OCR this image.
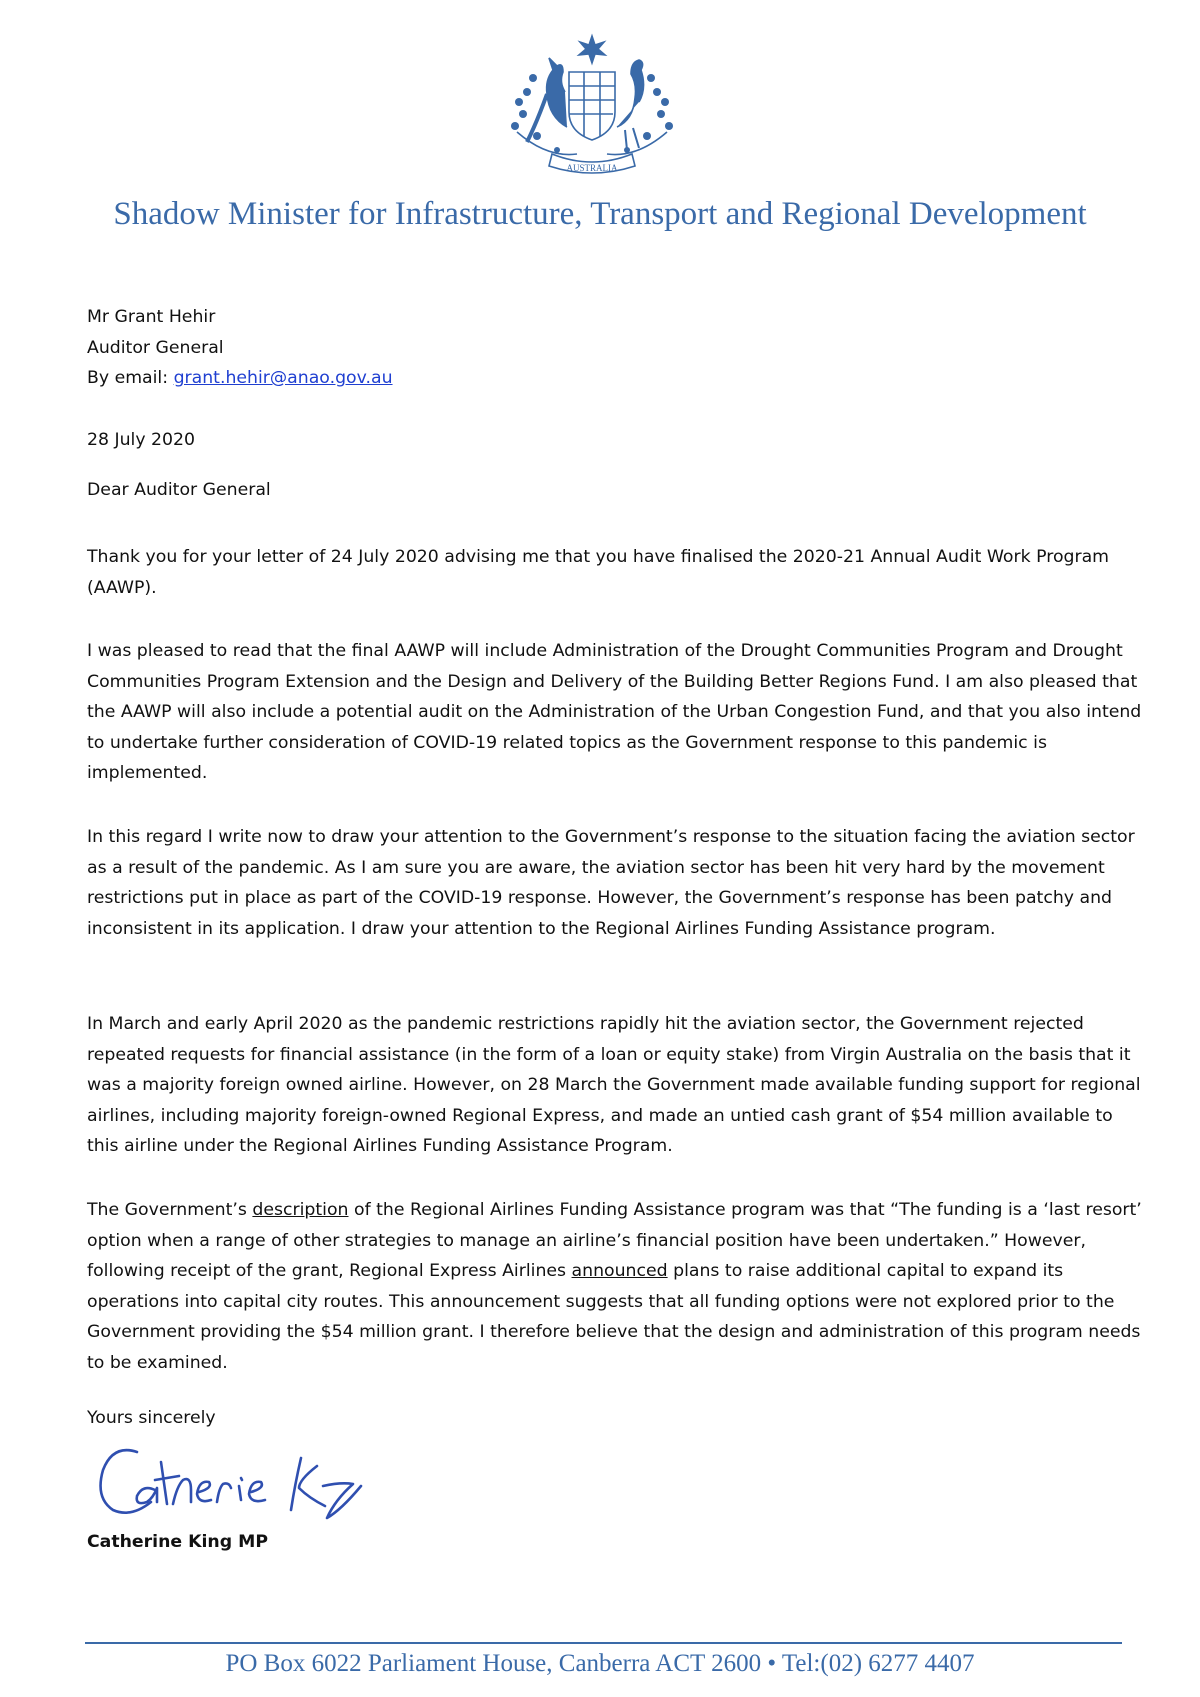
AUSTRALIA
Shadow Minister for Infrastructure, Transport and Regional Development

Mr Grant Hehir

Auditor General

By email: grant.hehir@anao.gov.au

28 July 2020
Dear Auditor General

Thank you for your letter of 24 July 2020 advising me that you have finalised the 2020-21 Annual Audit Work Program (AAWP).

I was pleased to read that the final AAWP will include Administration of the Drought Communities Program and Drought Communities Program Extension and the Design and Delivery of the Building Better Regions Fund. I am also pleased that the AAWP will also include a potential audit on the Administration of the Urban Congestion Fund, and that you also intend to undertake further consideration of COVID-19 related topics as the Government response to this pandemic is implemented.

In this regard I write now to draw your attention to the Government’s response to the situation facing the aviation sector as a result of the pandemic. As I am sure you are aware, the aviation sector has been hit very hard by the movement restrictions put in place as part of the COVID-19 response. However, the Government’s response has been patchy and inconsistent in its application. I draw your attention to the Regional Airlines Funding Assistance program.

In March and early April 2020 as the pandemic restrictions rapidly hit the aviation sector, the Government rejected repeated requests for financial assistance (in the form of a loan or equity stake) from Virgin Australia on the basis that it was a majority foreign owned airline. However, on 28 March the Government made available funding support for regional airlines, including majority foreign-owned Regional Express, and made an untied cash grant of $54 million available to this airline under the Regional Airlines Funding Assistance Program.

The Government’s description of the Regional Airlines Funding Assistance program was that “The funding is a ‘last resort’ option when a range of other strategies to manage an airline’s financial position have been undertaken.” However, following receipt of the grant, Regional Express Airlines announced plans to raise additional capital to expand its operations into capital city routes. This announcement suggests that all funding options were not explored prior to the Government providing the $54 million grant. I therefore believe that the design and administration of this program needs to be examined.

Yours sincerely
Catherine King MP
PO Box 6022 Parliament House, Canberra ACT 2600 • Tel:(02) 6277 4407
